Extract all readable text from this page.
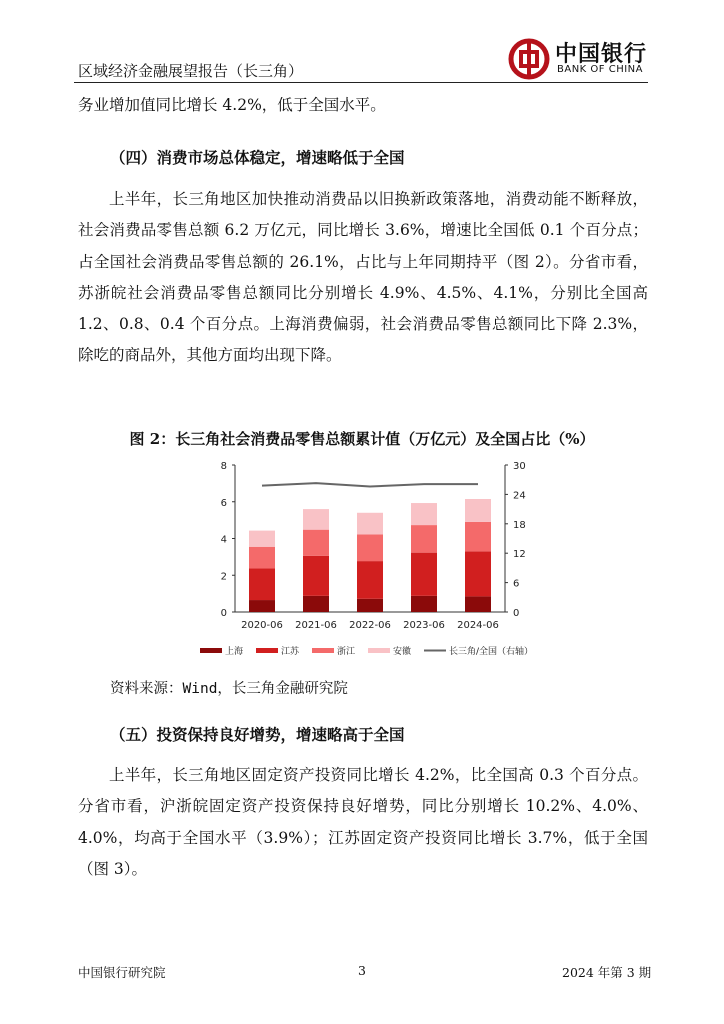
区域经济金融展望报告（长三角）
中国银行
BANK OF CHINA
务业增加值同比增长 4.2%，低于全国水平。
（四）消费市场总体稳定，增速略低于全国
上半年，长三角地区加快推动消费品以旧换新政策落地，消费动能不断释放，社会消费品零售总额 6.2 万亿元，同比增长 3.6%，增速比全国低 0.1 个百分点；占全国社会消费品零售总额的 26.1%，占比与上年同期持平（图 2）。分省市看，苏浙皖社会消费品零售总额同比分别增长 4.9%、4.5%、4.1%，分别比全国高 1.2、0.8、0.4 个百分点。上海消费偏弱，社会消费品零售总额同比下降 2.3%，除吃的商品外，其他方面均出现下降。
图 2：长三角社会消费品零售总额累计值（万亿元）及全国占比（%）
0
2
4
6
8
0
6
12
18
24
30
2020-06 2021-06 2022-06 2023-06 2024-06
上海	江苏	浙江	安徽	长三角/全国（右轴）
资料来源：Wind，长三角金融研究院
（五）投资保持良好增势，增速略高于全国
上半年，长三角地区固定资产投资同比增长 4.2%，比全国高 0.3 个百分点。分省市看，沪浙皖固定资产投资保持良好增势，同比分别增长 10.2%、4.0%、4.0%，均高于全国水平（3.9%）；江苏固定资产投资同比增长 3.7%，低于全国（图 3）。
中国银行研究院	3	2024 年第 3 期
